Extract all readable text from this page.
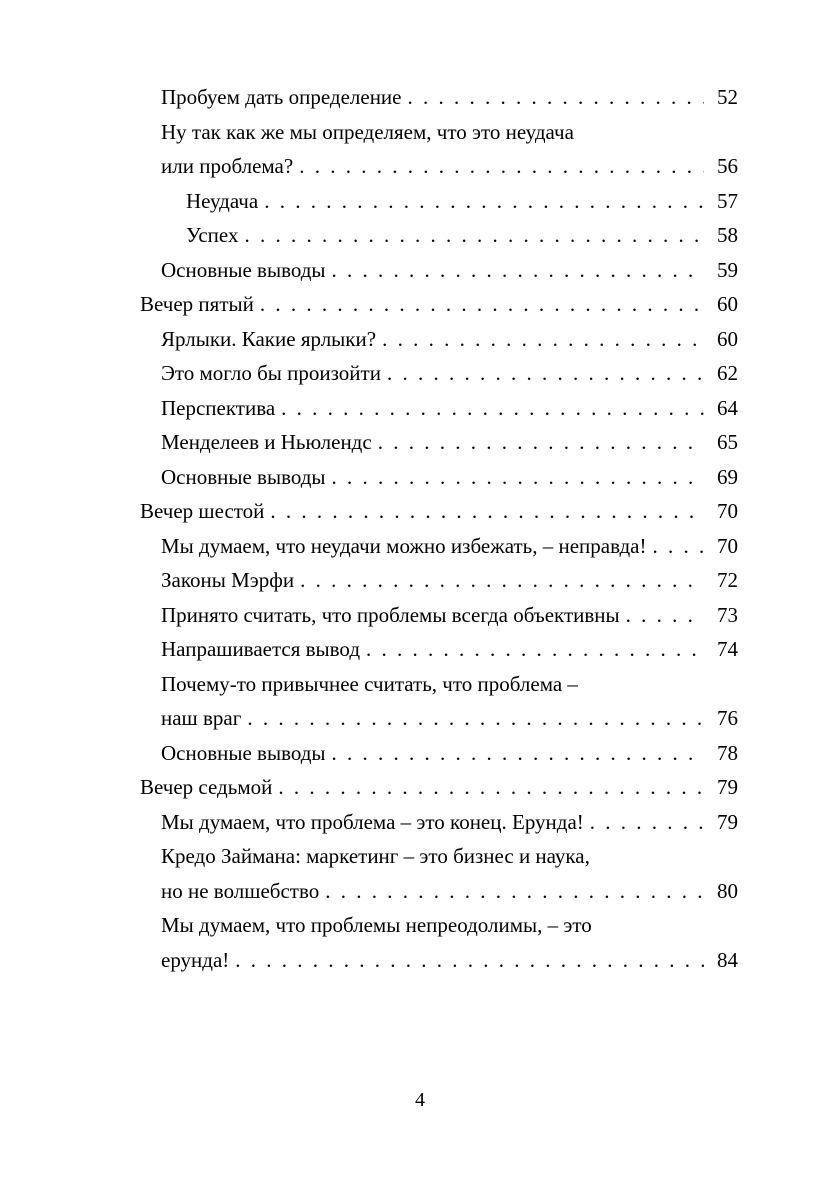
Пробуем дать определение . . .	52
Ну так как же мы определяем, что это неудача
или проблема? . . .	56
Неудача . . .	57
Успех . . .	58
Основные выводы . . .	59
Вечер пятый . . .	60
Ярлыки. Какие ярлыки? . . .	60
Это могло бы произойти . . .	62
Перспектива . . .	64
Менделеев и Ньюлендс . . .	65
Основные выводы . . .	69
Вечер шестой . . .	70
Мы думаем, что неудачи можно избежать, – неправда! . . .	70
Законы Мэрфи . . .	72
Принято считать, что проблемы всегда объективны . . .	73
Напрашивается вывод . . .	74
Почему-то привычнее считать, что проблема –
наш враг . . .	76
Основные выводы . . .	78
Вечер седьмой . . .	79
Мы думаем, что проблема – это конец. Ерунда! . . .	79
Кредо Займана: маркетинг – это бизнес и наука,
но не волшебство . . .	80
Мы думаем, что проблемы непреодолимы, – это
ерунда! . . .	84
4
